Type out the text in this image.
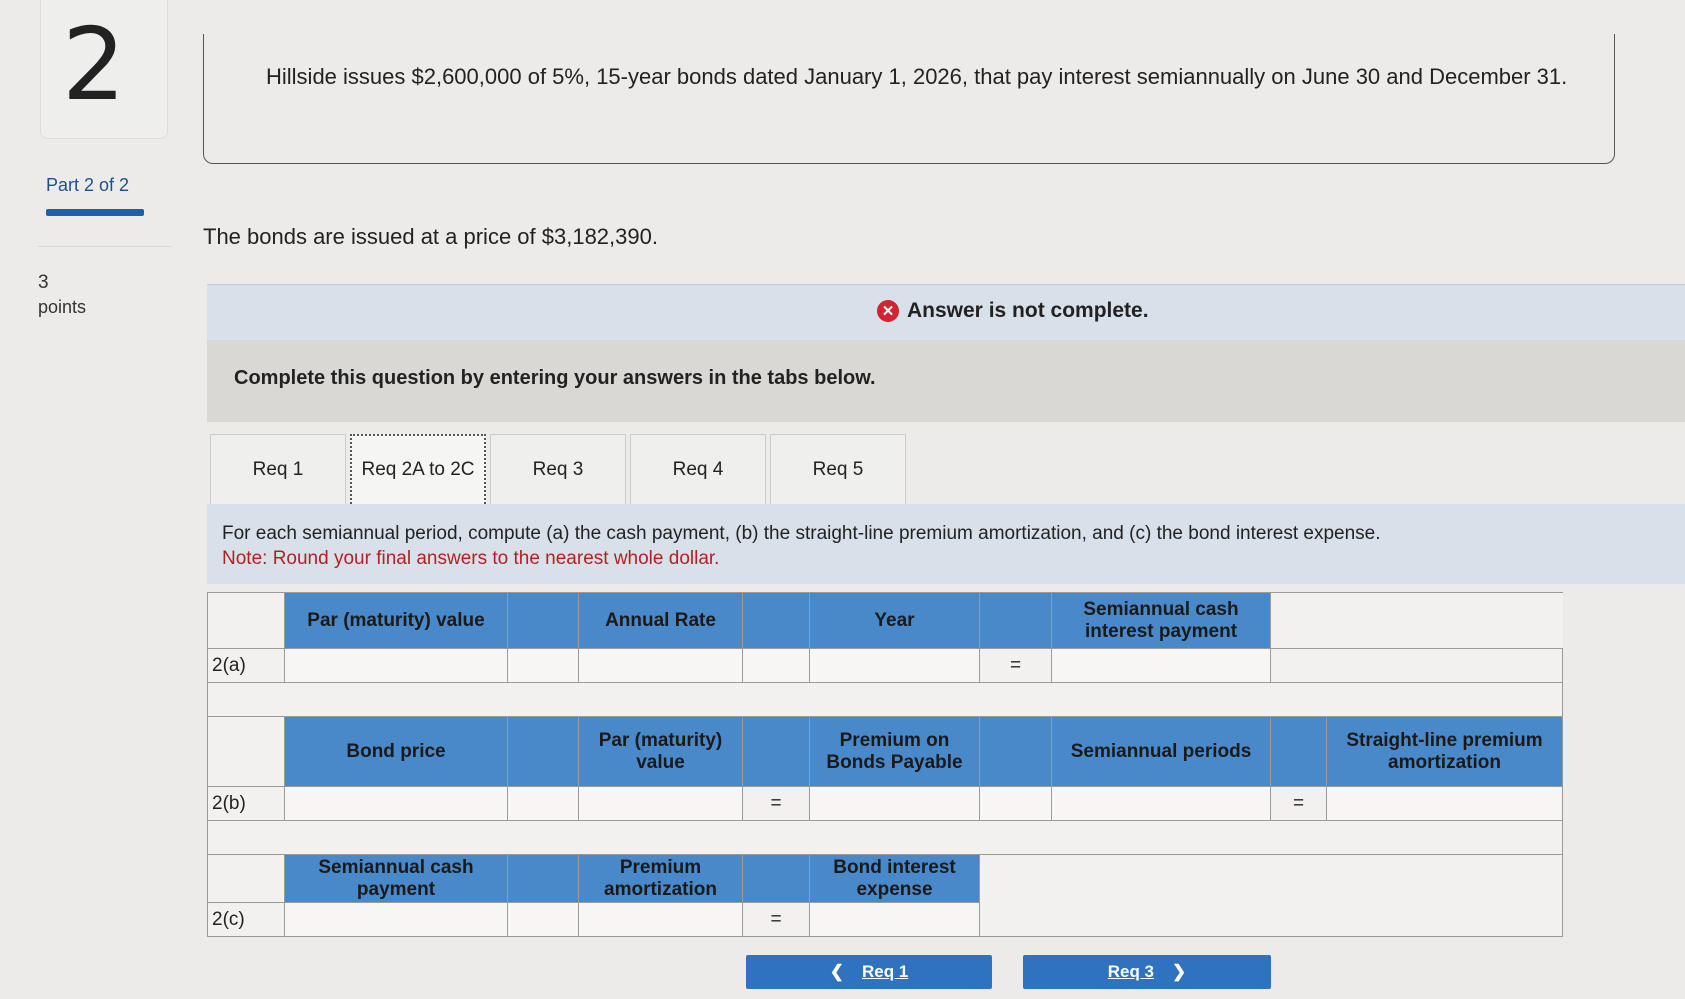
2
Part 2 of 2
3
points
Hillside issues $2,600,000 of 5%, 15-year bonds dated January 1, 2026, that pay interest semiannually on June 30 and December 31.
The bonds are issued at a price of $3,182,390.
✕ Answer is not complete.
Complete this question by entering your answers in the tabs below.
Req 1	Req 2A to 2C	Req 3	Req 4	Req 5
For each semiannual period, compute (a) the cash payment, (b) the straight-line premium amortization, and (c) the bond interest expense.
Note: Round your final answers to the nearest whole dollar.
	Par (maturity) value		Annual Rate		Year		Semiannual cash interest payment		
2(a)						=			

	Bond price		Par (maturity) value		Premium on Bonds Payable		Semiannual periods		Straight-line premium amortization
2(b)				=				=	

	Semiannual cash payment		Premium amortization		Bond interest expense				
2(c)				=					
❮ Req 1	Req 3 ❯
